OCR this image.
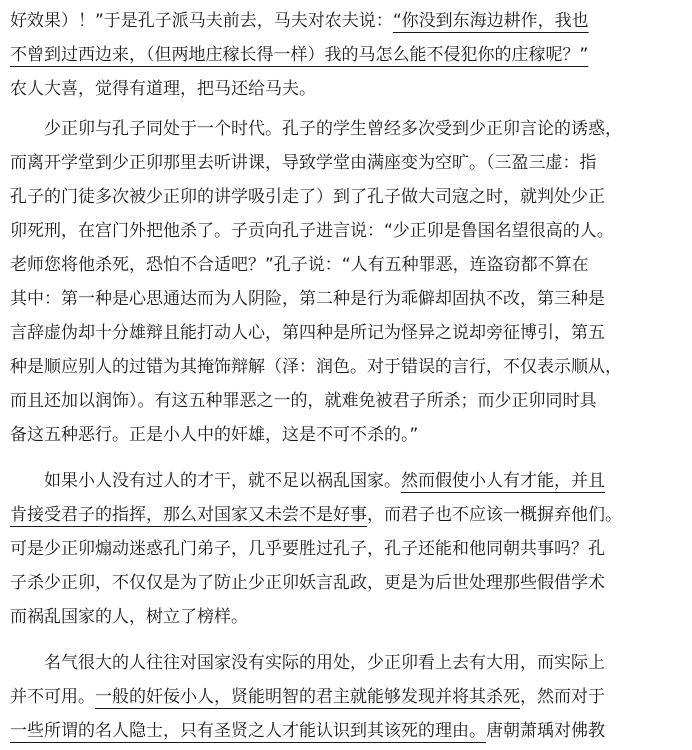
好效果）！”于是孔子派马夫前去，马夫对农夫说：“你没到东海边耕作，我也
不曾到过西边来，（但两地庄稼长得一样）我的马怎么能不侵犯你的庄稼呢？”
农人大喜，觉得有道理，把马还给马夫。
　　少正卯与孔子同处于一个时代。孔子的学生曾经多次受到少正卯言论的诱惑，
而离开学堂到少正卯那里去听讲课，导致学堂由满座变为空旷。（三盈三虚：指
孔子的门徒多次被少正卯的讲学吸引走了）到了孔子做大司寇之时，就判处少正
卯死刑，在宫门外把他杀了。子贡向孔子进言说：“少正卯是鲁国名望很高的人。
老师您将他杀死，恐怕不合适吧？”孔子说：“人有五种罪恶，连盗窃都不算在
其中：第一种是心思通达而为人阴险，第二种是行为乖僻却固执不改，第三种是
言辞虚伪却十分雄辩且能打动人心，第四种是所记为怪异之说却旁征博引，第五
种是顺应别人的过错为其掩饰辩解（泽：润色。对于错误的言行，不仅表示顺从，
而且还加以润饰）。有这五种罪恶之一的，就难免被君子所杀；而少正卯同时具
备这五种恶行。正是小人中的奸雄，这是不可不杀的。”
　　如果小人没有过人的才干，就不足以祸乱国家。然而假使小人有才能，并且
肯接受君子的指挥，那么对国家又未尝不是好事，而君子也不应该一概摒弃他们。
可是少正卯煽动迷惑孔门弟子，几乎要胜过孔子，孔子还能和他同朝共事吗？孔
子杀少正卯，不仅仅是为了防止少正卯妖言乱政，更是为后世处理那些假借学术
而祸乱国家的人，树立了榜样。
　　名气很大的人往往对国家没有实际的用处，少正卯看上去有大用，而实际上
并不可用。一般的奸佞小人，贤能明智的君主就能够发现并将其杀死，然而对于
一些所谓的名人隐士，只有圣贤之人才能认识到其该死的理由。唐朝萧瑀对佛教
